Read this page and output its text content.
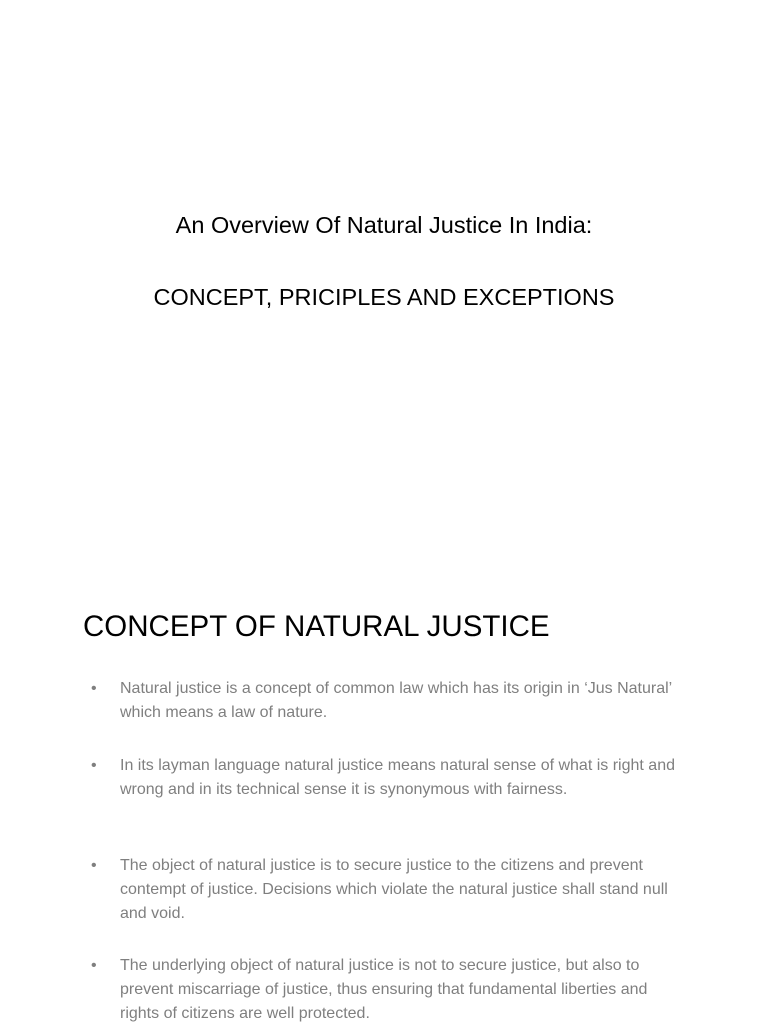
An Overview Of Natural Justice In India:
CONCEPT, PRICIPLES AND EXCEPTIONS
CONCEPT OF NATURAL JUSTICE
• Natural justice is a concept of common law which has its origin in ‘Jus Natural’ which means a law of nature.
• In its layman language natural justice means natural sense of what is right and wrong and in its technical sense it is synonymous with fairness.
• The object of natural justice is to secure justice to the citizens and prevent contempt of justice. Decisions which violate the natural justice shall stand null and void.
• The underlying object of natural justice is not to secure justice, but also to prevent miscarriage of justice, thus ensuring that fundamental liberties and rights of citizens are well protected.
